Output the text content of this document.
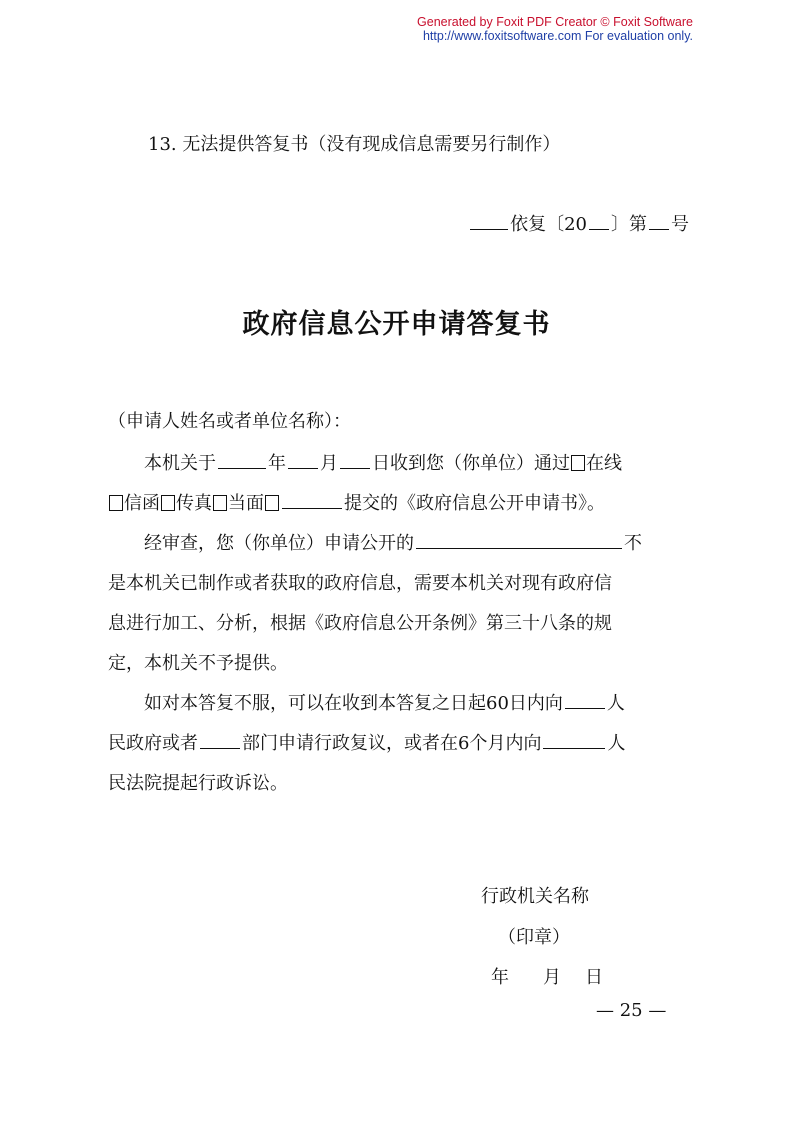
Generated by Foxit PDF Creator © Foxit Software
http://www.foxitsoftware.com For evaluation only.
13. 无法提供答复书（没有现成信息需要另行制作）
依复〔20 〕第 号
政府信息公开申请答复书
（申请人姓名或者单位名称）：
本机关于	年 月 日收到您（你单位）通过 在线
信函 传真 当面	提交的《政府信息公开申请书》。
经审查，您（你单位）申请公开的	不
是本机关已制作或者获取的政府信息，需要本机关对现有政府信
息进行加工、分析，根据《政府信息公开条例》第三十八条的规
定，本机关不予提供。
如对本答复不服，可以在收到本答复之日起60日内向 人
民政府或者 部门申请行政复议，或者在6个月内向	人
民法院提起行政诉讼。
行政机关名称
（印章）
年 月 日
— 25 —
